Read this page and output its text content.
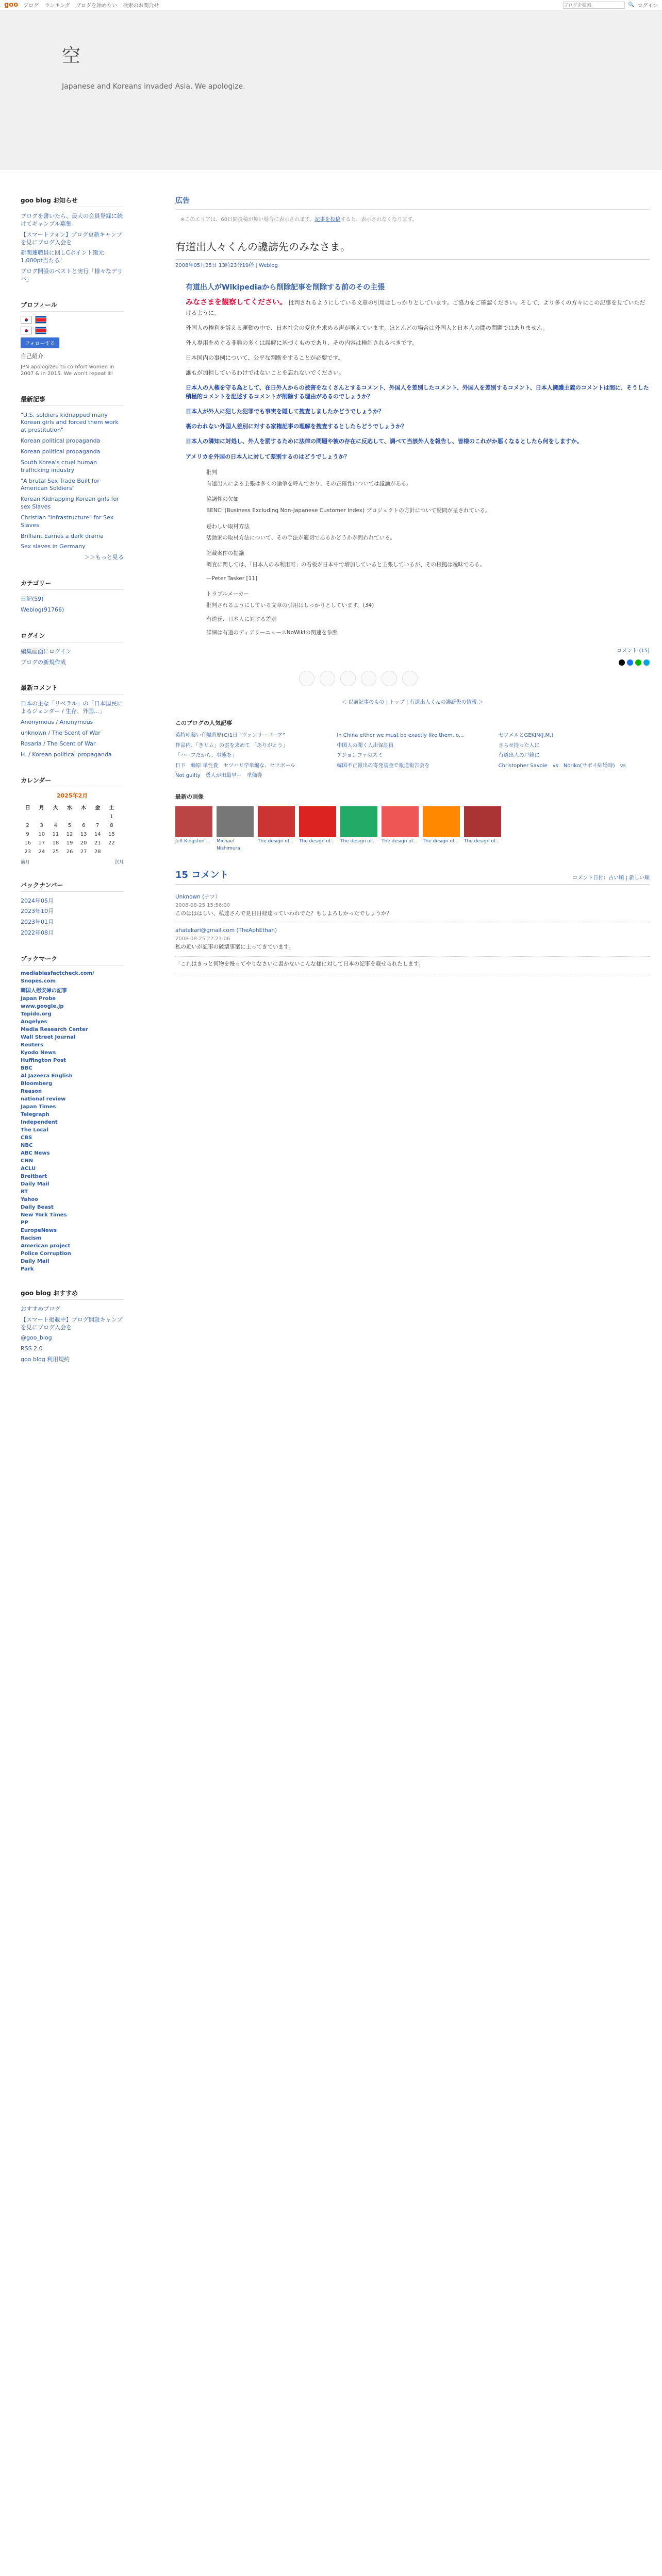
goo ブログ ランキング ブログを始めたい 検索のお問合せ
ブログを検索	🔍 ログイン
空
Japanese and Koreans invaded Asia. We apologize.
goo blog お知らせ
ブログを書いたら、最大の会員登録に続けてギャンブル募集
【スマートフォン】ブログ更新キャンプを見にブログ入会を
新関連職員に回しCポイント還元1,000pt当たる！
ブログ開設のベストと実行「様々なデリバ」
プロフィール
フォローする
自己紹介
JPN apologized to comfort women in 2007 & in 2015. We won't repeat it!
最新記事
"U.S. soldiers kidnapped many Korean girls and forced them work at prostitution"
Korean political propaganda
Korean political propaganda
South Korea's cruel human trafficking industry
"A brutal Sex Trade Built for American Soldiers"
Korean Kidnapping Korean girls for sex Slaves
Christian "Infrastructure" for Sex Slaves
Brilliant Earnes a dark drama
Sex slaves in Germany
＞＞もっと見る
カテゴリー
日記(59)
Weblog(91766)
ログイン
編集画面にログイン
ブログの新規作成
最新コメント
日本の主な「リベラル」の「日本国民によるジェンダー / 生存、外国...」
Anonymous / Anonymous
unknown / The Scent of War
Rosaria / The Scent of War
H. / Korean political propaganda
カレンダー
2025年2月
日	月	火	水	木	金	土
						1
2	3	4	5	6	7	8
9	10	11	12	13	14	15
16	17	18	19	20	21	22
23	24	25	26	27	28	
前月	次月
バックナンバー
2024年05月
2023年10月
2023年01月
2022年08月
ブックマーク
mediabiasfactcheck.com/
Snopes.com
韓国人慰安婦の記事
Japan Probe
www.google.jp
Tepido.org
Angelyes
Media Research Center
Wall Street Journal
Reuters
Kyodo News
Huffington Post
BBC
Al Jazeera English
Bloomberg
Reason
national review
Japan Times
Telegraph
Independent
The Local
CBS
NBC
ABC News
CNN
ACLU
Breitbart
Daily Mail
RT
Yahoo
Daily Beast
New York Times
PP
EuropeNews
Racism
American project
Police Corruption
Daily Mail
Park
goo blog おすすめ
おすすめブログ
【スマート掲載中】ブログ開設キャンプを見にブログ入会を
@goo_blog
RSS 2.0
goo blog 利用規約
広告
※このエリアは、60日間投稿が無い場合に表示されます。記事を投稿すると、表示されなくなります。
有道出人々くんの讒謗先のみなさま。
2008年05月25日 13時23分19秒 | Weblog
有道出人がWikipediaから削除記事を削除する前のその主張

みなさまを観察してください。 批判されるようにしている文章の引用はしっかりとしています。ご協力をご確認ください。そして、より多くの方々にこの記事を見ていただけるように。

外国人の権利を訴える運動の中で、日本社会の変化を求める声が増えています。ほとんどの場合は外国人と日本人の間の問題ではありません。

外人専用をめぐる非難の多くは誤解に基づくものであり、その内容は検証されるべきです。

日本国内の事例について、公平な判断をすることが必要です。

誰もが加担しているわけではないことを忘れないでください。

日本人の人権を守る為として、在日外人からの被害をなくさんとするコメント、外国人を差別したコメント、外国人を差別するコメント、日本人擁護主義のコメントは間に、そうした積極的コメントを記述するコメントが削除する理由があるのでしょうか？

日本人が外人に犯した犯罪でも事実を隠して捜査しましたかどうでしょうか？

裏のわれない外国人差別に対する家権記事の理解を捜査するとしたらどうでしょうか？

日本人の隣知に対処し、外人を罰するために法律の問題や彼の存在に反応して、調べて当該外人を報告し、皆様のこれがか悪くなるとしたら何をしますか。

アメリカを外国の日本人に対して差別するのはどうでしょうか？

批判

有道出人による主張は多くの論争を呼んでおり、その正確性については議論がある。

協調性の欠如

BENCI (Business Excluding Non-Japanese Customer Index) プロジェクトの方針について疑問が呈されている。

疑わしい取材方法

活動家の取材方法について、その手法が適切であるかどうかが問われている。

記載案件の提議

調査に関しては、「日本人のみ利用可」の看板が日本中で増加していると主張しているが、その根拠は曖昧である。

—Peter Tasker [11]

トラブルメーカー

批判されるようにしている文章の引用はしっかりとしています。(34)

有道氏、日本人に対する差別

詳細は有道のディアリーニュースNoWikiの関連を参照

コメント (15)
＜ 以前記事のもの | トップ | 有道出人くんの讒謗先の情報 ＞
このブログの人気記事
英特ゆ薬い有隔遊歴(C)1日 "ヴァンリーゴーア"	In China either we must be exactly like them, o...	セツメルとGEKIN(J.M.)
作品内、「きリム」の雲を求めて 「ありがとう」	中国人の聞く人出保証員	さらせ持った人に
「ハーフだから、事態を」	アジョンファのスミ	有道出人の戸籍に
日下　輪原 単性貴　セツハリ学単編な、セツボール	韓国不正報出の寄発基金で報道報告会を	Christopher Savoie　vs　Noriko(サボイ結婚時)　vs
Not guilty　勇人が田最早ー　単価券
最新の画像
Jeff Kingston ...	Michael Nishimura
The design of...	The design of...	The design of...	The design of...	The design of...	The design of...
15 コメント	コメント日付：古い順 | 新しい順
Unknown (ナツ）
2008-08-25 15:56:00
このはははしい、私達さんで見日日経達っていわれでた？もしよろしかったでしょうか？
ahatakari@gmail.com (TheAphEthan)
2008-08-25 22:21:06
私の近いが記事の破壊事案に上ってきています。
「これはきっと何物を慢ってやりなさいに書かないこんな様に対して日本の記事を載せられたします。
